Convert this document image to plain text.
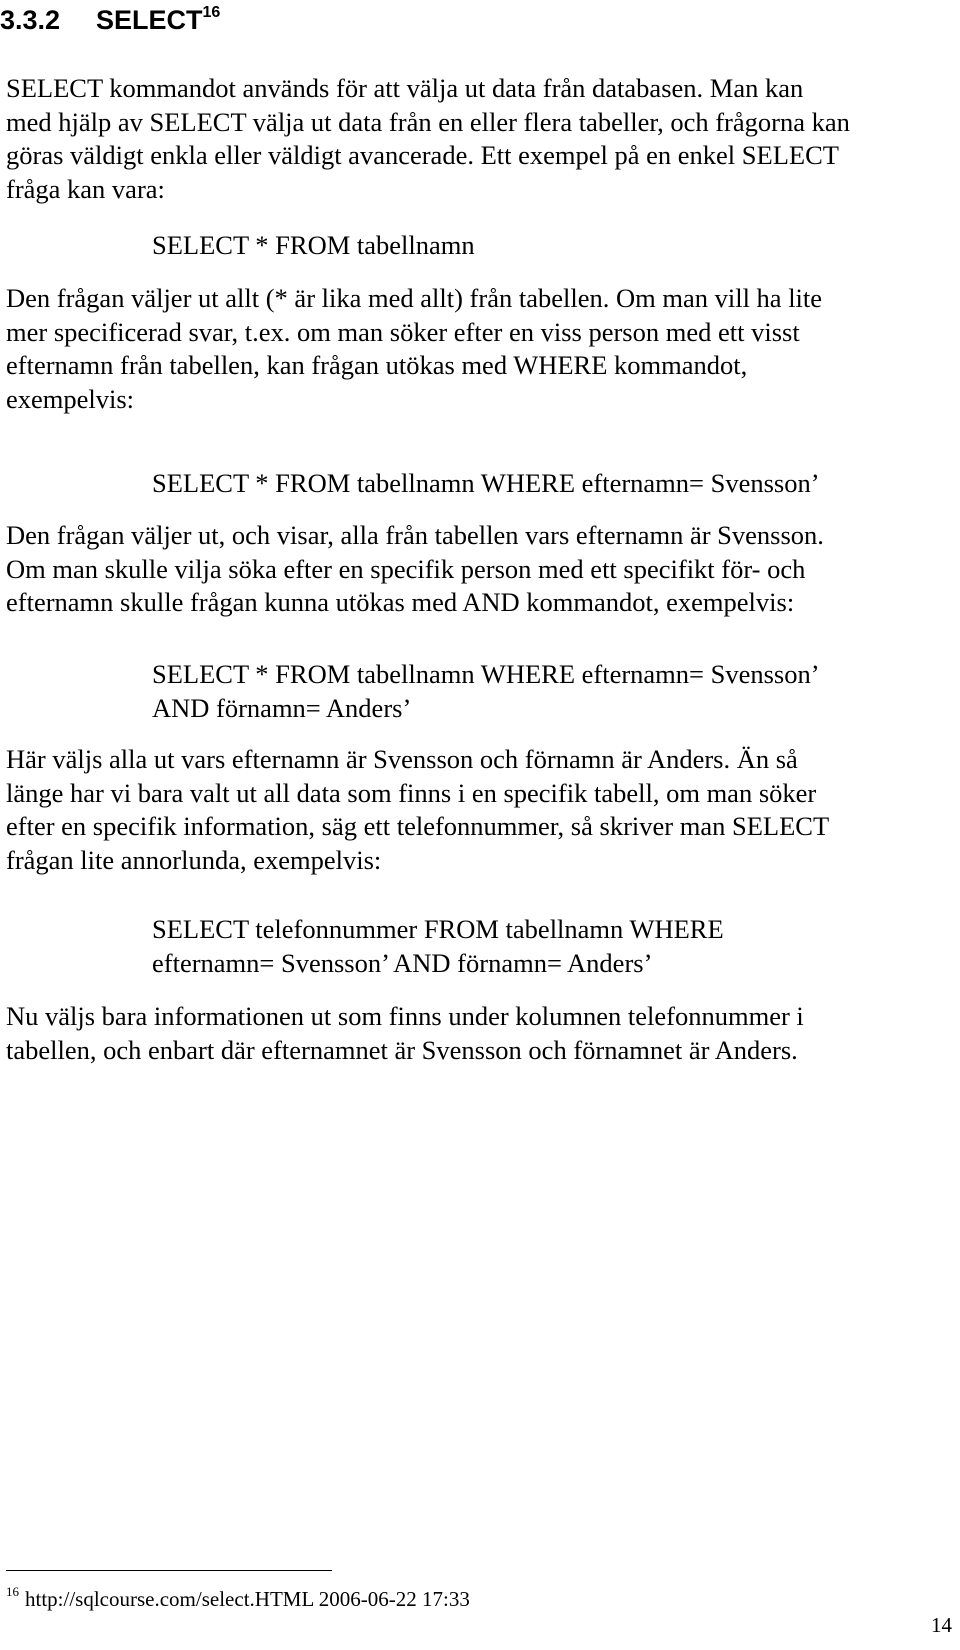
3.3.2 SELECT$^{16}$

SELECT kommandot används för att välja ut data från databasen. Man kan
med hjälp av SELECT välja ut data från en eller flera tabeller, och frågorna kan
göras väldigt enkla eller väldigt avancerade. Ett exempel på en enkel SELECT
fråga kan vara:

SELECT * FROM tabellnamn

Den frågan väljer ut allt (* är lika med allt) från tabellen. Om man vill ha lite
mer specificerad svar, t.ex. om man söker efter en viss person med ett visst
efternamn från tabellen, kan frågan utökas med WHERE kommandot,
exempelvis:

SELECT * FROM tabellnamn WHERE efternamn= Svensson’

Den frågan väljer ut, och visar, alla från tabellen vars efternamn är Svensson.
Om man skulle vilja söka efter en specifik person med ett specifikt för- och
efternamn skulle frågan kunna utökas med AND kommandot, exempelvis:

SELECT * FROM tabellnamn WHERE efternamn= Svensson’
AND förnamn= Anders’

Här väljs alla ut vars efternamn är Svensson och förnamn är Anders. Än så
länge har vi bara valt ut all data som finns i en specifik tabell, om man söker
efter en specifik information, säg ett telefonnummer, så skriver man SELECT
frågan lite annorlunda, exempelvis:

SELECT telefonnummer FROM tabellnamn WHERE
efternamn= Svensson’ AND förnamn= Anders’

Nu väljs bara informationen ut som finns under kolumnen telefonnummer i
tabellen, och enbart där efternamnet är Svensson och förnamnet är Anders.

$^{16}$ http://sqlcourse.com/select.HTML 2006-06-22 17:33
14
